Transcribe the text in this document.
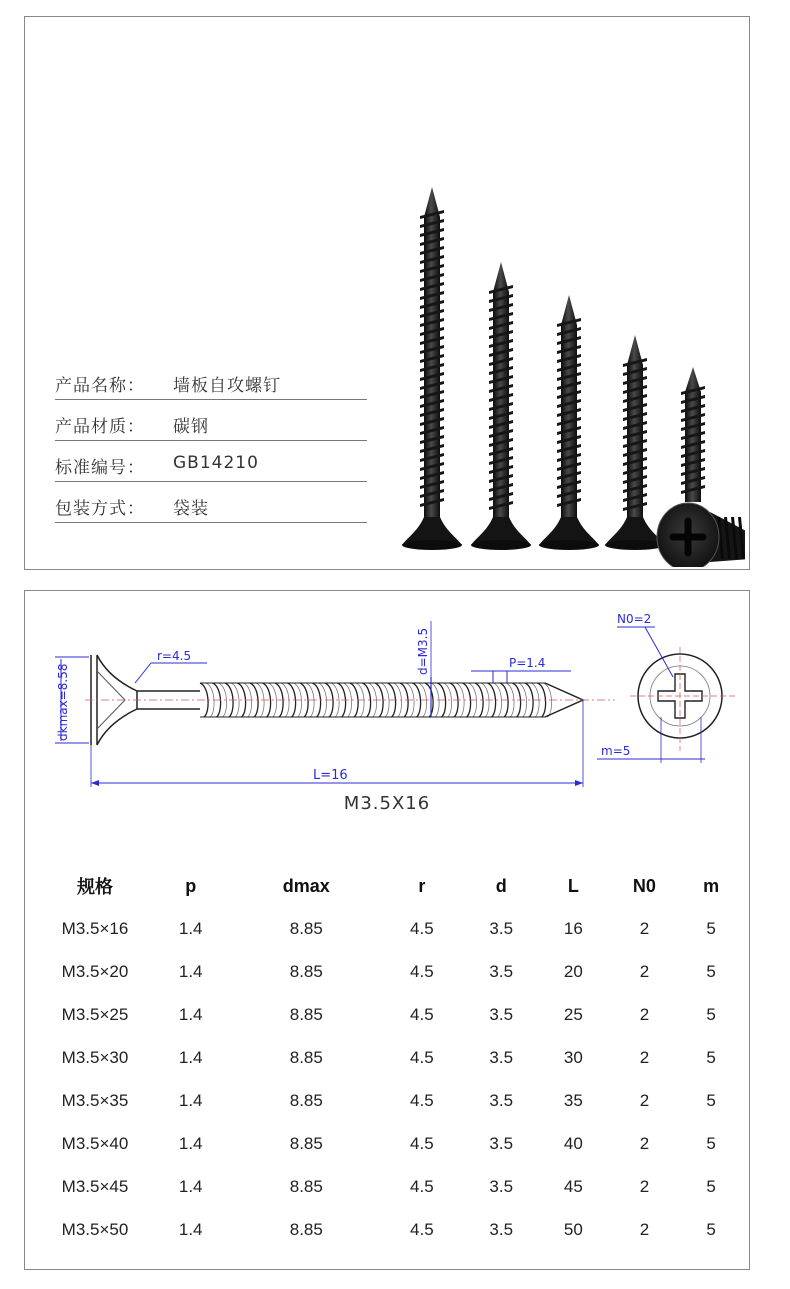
产品名称： 墙板自攻螺钉
产品材质： 碳钢
标准编号： GB14210
包装方式： 袋装
dkmax=8.58
r=4.5	d=M3.5	P=1.4
L=16
N0=2
m=5
M3.5X16
规格	p	dmax	r	d	L	N0	m
M3.5×16	1.4	8.85	4.5	3.5	16	2	5
M3.5×20	1.4	8.85	4.5	3.5	20	2	5
M3.5×25	1.4	8.85	4.5	3.5	25	2	5
M3.5×30	1.4	8.85	4.5	3.5	30	2	5
M3.5×35	1.4	8.85	4.5	3.5	35	2	5
M3.5×40	1.4	8.85	4.5	3.5	40	2	5
M3.5×45	1.4	8.85	4.5	3.5	45	2	5
M3.5×50	1.4	8.85	4.5	3.5	50	2	5
